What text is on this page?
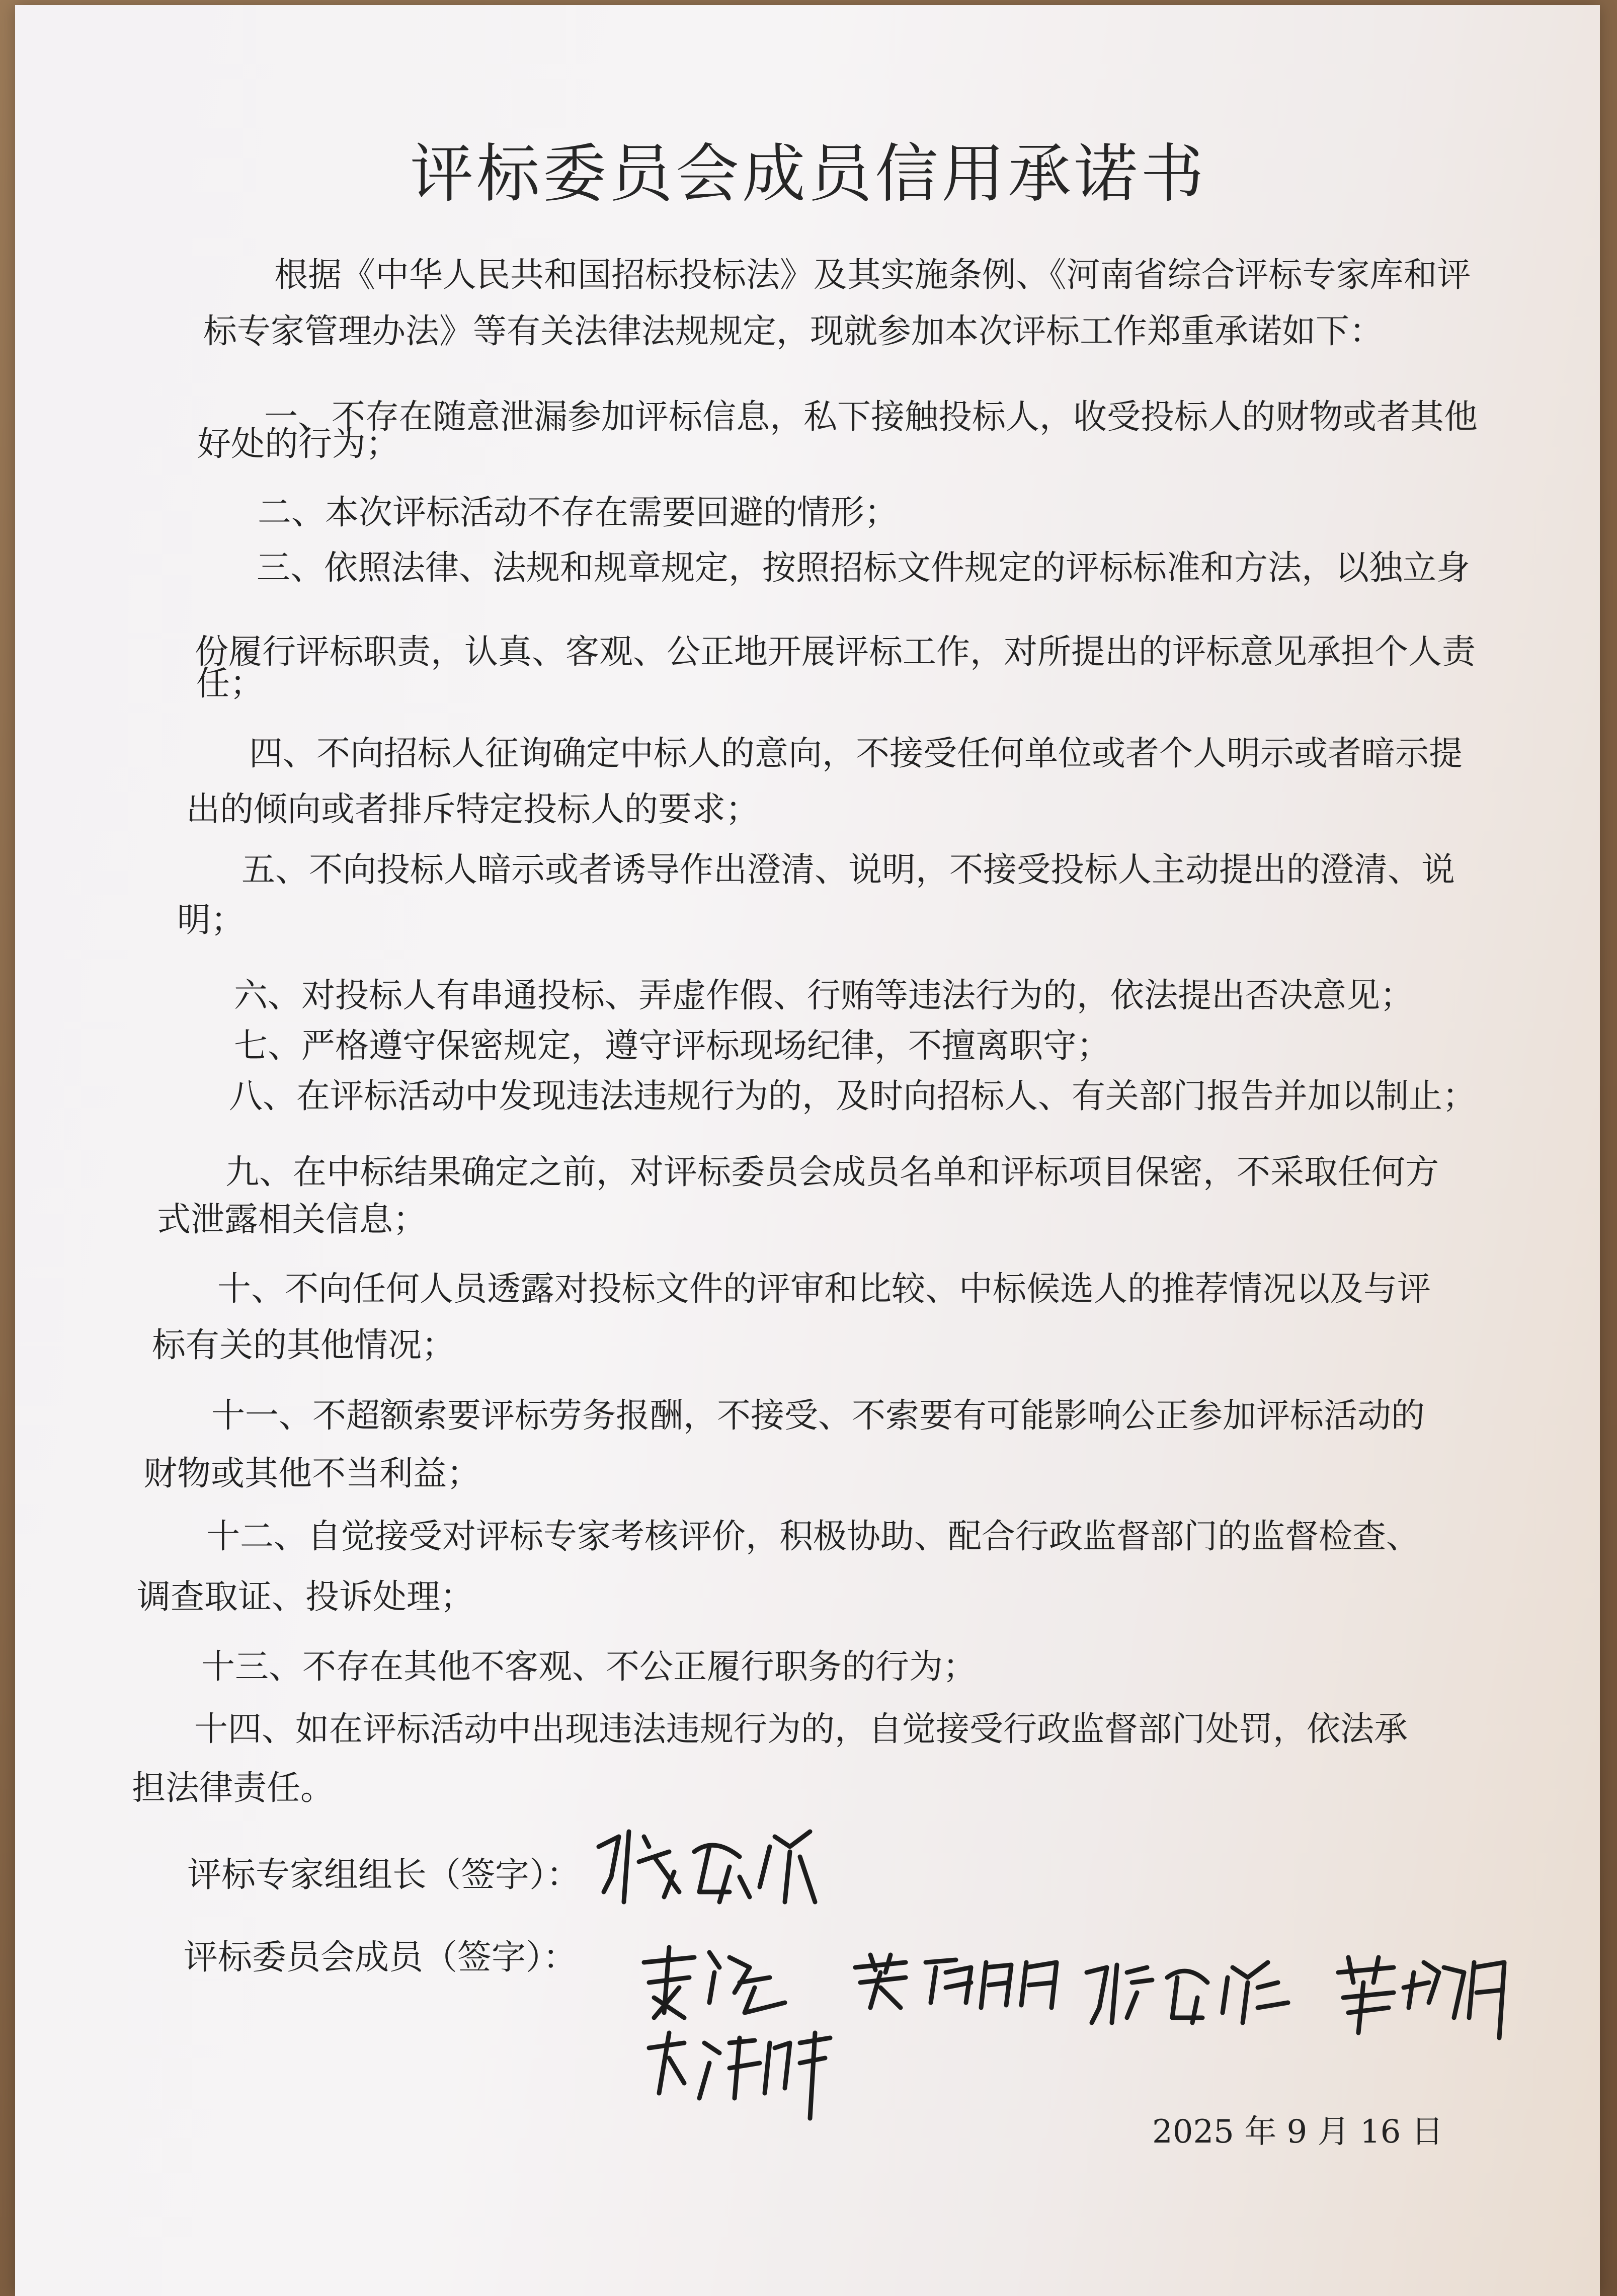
评标委员会成员信用承诺书
根据《中华人民共和国招标投标法》及其实施条例、《河南省综合评标专家库和评
标专家管理办法》等有关法律法规规定，现就参加本次评标工作郑重承诺如下：
一、不存在随意泄漏参加评标信息，私下接触投标人，收受投标人的财物或者其他
好处的行为；
二、本次评标活动不存在需要回避的情形；
三、依照法律、法规和规章规定，按照招标文件规定的评标标准和方法，以独立身
份履行评标职责，认真、客观、公正地开展评标工作，对所提出的评标意见承担个人责
任；
四、不向招标人征询确定中标人的意向，不接受任何单位或者个人明示或者暗示提
出的倾向或者排斥特定投标人的要求；
五、不向投标人暗示或者诱导作出澄清、说明，不接受投标人主动提出的澄清、说
明；
六、对投标人有串通投标、弄虚作假、行贿等违法行为的，依法提出否决意见；
七、严格遵守保密规定，遵守评标现场纪律，不擅离职守；
八、在评标活动中发现违法违规行为的，及时向招标人、有关部门报告并加以制止；
九、在中标结果确定之前，对评标委员会成员名单和评标项目保密，不采取任何方
式泄露相关信息；
十、不向任何人员透露对投标文件的评审和比较、中标候选人的推荐情况以及与评
标有关的其他情况；
十一、不超额索要评标劳务报酬，不接受、不索要有可能影响公正参加评标活动的
财物或其他不当利益；
十二、自觉接受对评标专家考核评价，积极协助、配合行政监督部门的监督检查、
调查取证、投诉处理；
十三、不存在其他不客观、不公正履行职务的行为；
十四、如在评标活动中出现违法违规行为的，自觉接受行政监督部门处罚，依法承
担法律责任。
评标专家组组长（签字）：
评标委员会成员（签字）：
2025 年 9 月 16 日
